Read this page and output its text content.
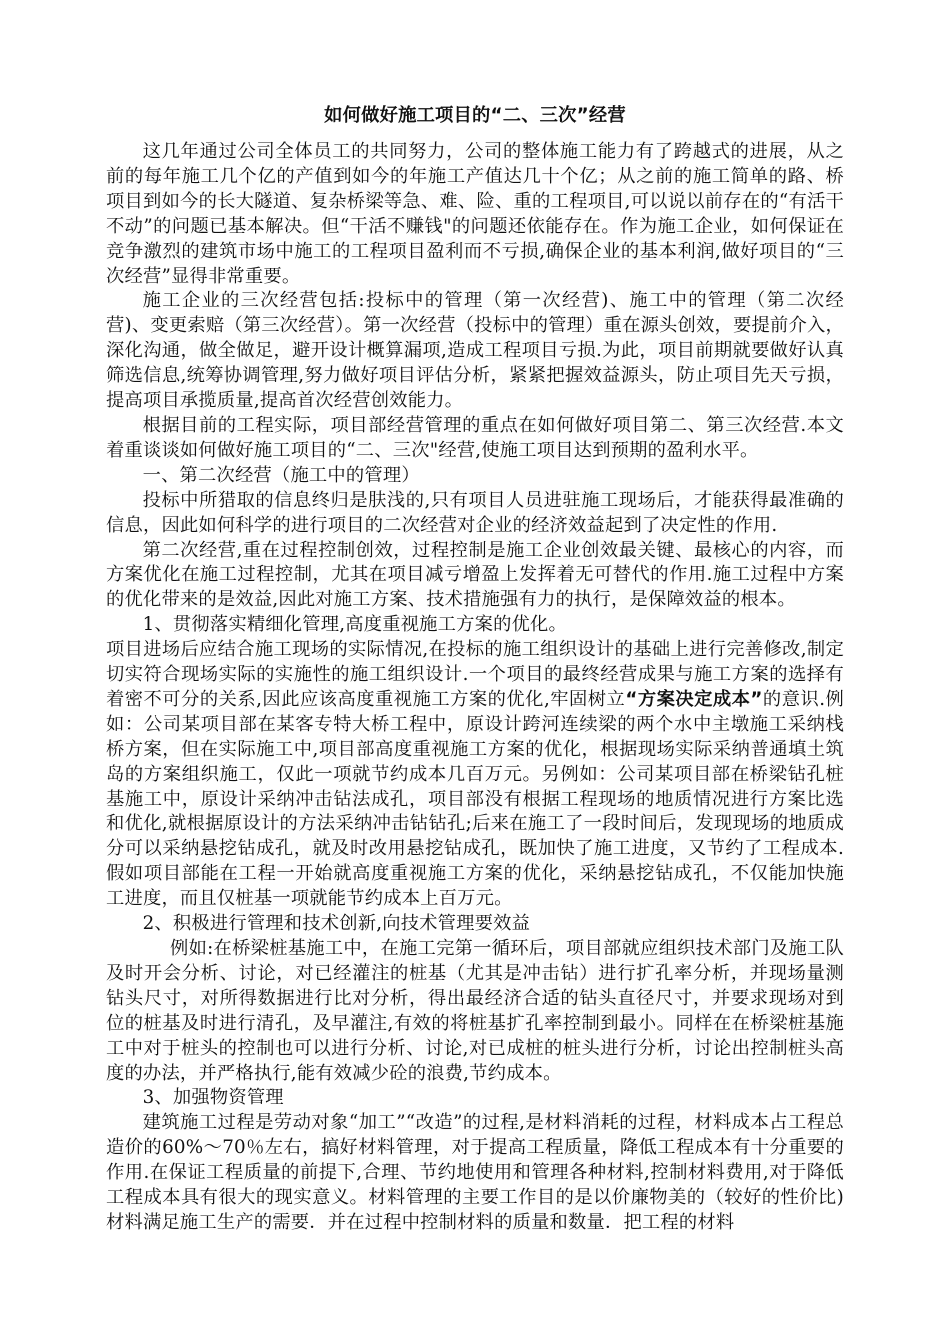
如何做好施工项目的“二、三次”经营

这几年通过公司全体员工的共同努力，公司的整体施工能力有了跨越式的进展，从之前的每年施工几个亿的产值到如今的年施工产值达几十个亿；从之前的施工简单的路、桥项目到如今的长大隧道、复杂桥梁等急、难、险、重的工程项目,可以说以前存在的“有活干不动”的问题已基本解决。但“干活不赚钱"的问题还依能存在。作为施工企业，如何保证在竞争激烈的建筑市场中施工的工程项目盈利而不亏损,确保企业的基本利润,做好项目的“三次经营”显得非常重要。

施工企业的三次经营包括:投标中的管理（第一次经营)、施工中的管理（第二次经营)、变更索赔（第三次经营）。第一次经营（投标中的管理）重在源头创效，要提前介入，深化沟通，做全做足，避开设计概算漏项,造成工程项目亏损.为此，项目前期就要做好认真筛选信息,统筹协调管理,努力做好项目评估分析，紧紧把握效益源头，防止项目先天亏损，提高项目承揽质量,提高首次经营创效能力。

根据目前的工程实际，项目部经营管理的重点在如何做好项目第二、第三次经营.本文着重谈谈如何做好施工项目的“二、三次"经营,使施工项目达到预期的盈利水平。

一、第二次经营（施工中的管理）

投标中所猎取的信息终归是肤浅的,只有项目人员进驻施工现场后，才能获得最准确的信息，因此如何科学的进行项目的二次经营对企业的经济效益起到了决定性的作用.

第二次经营,重在过程控制创效，过程控制是施工企业创效最关键、最核心的内容，而方案优化在施工过程控制，尤其在项目减亏增盈上发挥着无可替代的作用.施工过程中方案的优化带来的是效益,因此对施工方案、技术措施强有力的执行，是保障效益的根本。

1、贯彻落实精细化管理,高度重视施工方案的优化。

项目进场后应结合施工现场的实际情况,在投标的施工组织设计的基础上进行完善修改,制定切实符合现场实际的实施性的施工组织设计.一个项目的最终经营成果与施工方案的选择有着密不可分的关系,因此应该高度重视施工方案的优化,牢固树立“方案决定成本”的意识.例如：公司某项目部在某客专特大桥工程中，原设计跨河连续梁的两个水中主墩施工采纳栈桥方案，但在实际施工中,项目部高度重视施工方案的优化，根据现场实际采纳普通填土筑岛的方案组织施工，仅此一项就节约成本几百万元。另例如：公司某项目部在桥梁钻孔桩基施工中，原设计采纳冲击钻法成孔，项目部没有根据工程现场的地质情况进行方案比选和优化,就根据原设计的方法采纳冲击钻钻孔;后来在施工了一段时间后，发现现场的地质成分可以采纳悬挖钻成孔，就及时改用悬挖钻成孔，既加快了施工进度，又节约了工程成本.假如项目部能在工程一开始就高度重视施工方案的优化，采纳悬挖钻成孔，不仅能加快施工进度，而且仅桩基一项就能节约成本上百万元。

2、积极进行管理和技术创新,向技术管理要效益

例如:在桥梁桩基施工中，在施工完第一循环后，项目部就应组织技术部门及施工队及时开会分析、讨论，对已经灌注的桩基（尤其是冲击钻）进行扩孔率分析，并现场量测钻头尺寸，对所得数据进行比对分析，得出最经济合适的钻头直径尺寸，并要求现场对到位的桩基及时进行清孔，及早灌注,有效的将桩基扩孔率控制到最小。同样在在桥梁桩基施工中对于桩头的控制也可以进行分析、讨论,对已成桩的桩头进行分析，讨论出控制桩头高度的办法，并严格执行,能有效减少砼的浪费,节约成本。

3、加强物资管理

建筑施工过程是劳动对象“加工”“改造”的过程,是材料消耗的过程，材料成本占工程总造价的60%～70％左右，搞好材料管理，对于提高工程质量，降低工程成本有十分重要的作用.在保证工程质量的前提下,合理、节约地使用和管理各种材料,控制材料费用,对于降低工程成本具有很大的现实意义。材料管理的主要工作目的是以价廉物美的（较好的性价比)材料满足施工生产的需要．并在过程中控制材料的质量和数量．把工程的材料
